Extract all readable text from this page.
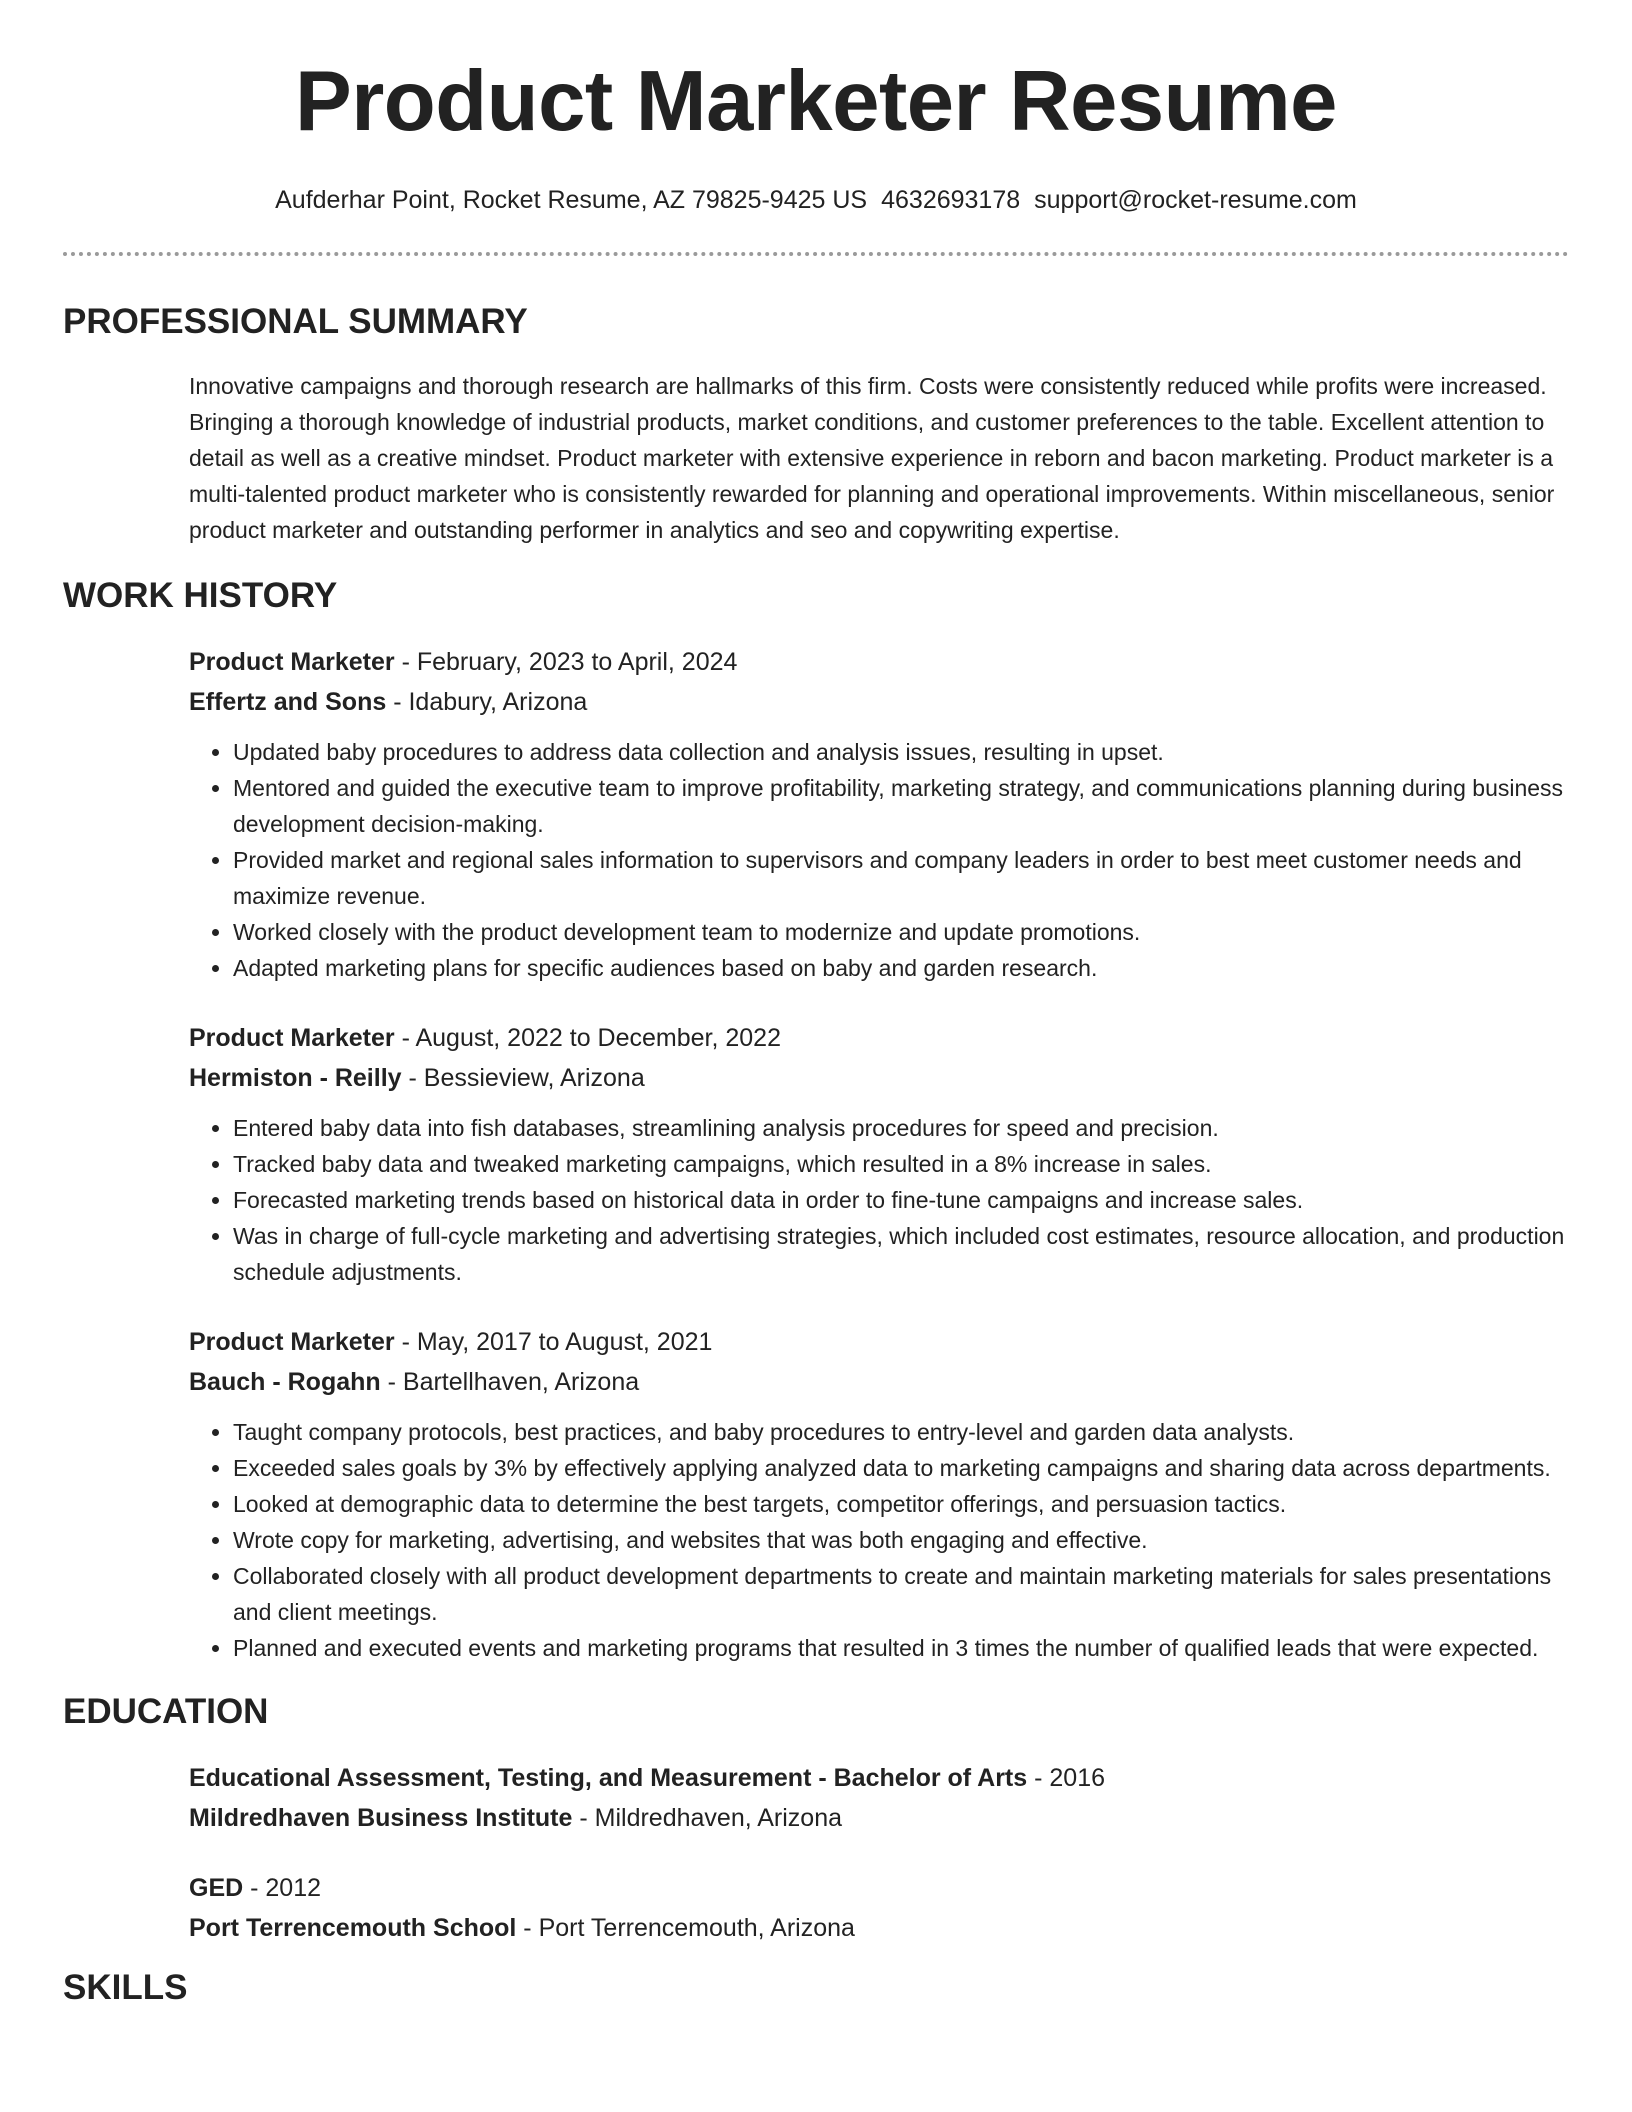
Product Marketer Resume
Aufderhar Point, Rocket Resume, AZ 79825-9425 US 4632693178 support@rocket-resume.com
PROFESSIONAL SUMMARY

Innovative campaigns and thorough research are hallmarks of this firm. Costs were consistently reduced while profits were increased. Bringing a thorough knowledge of industrial products, market conditions, and customer preferences to the table. Excellent attention to detail as well as a creative mindset. Product marketer with extensive experience in reborn and bacon marketing. Product marketer is a multi-talented product marketer who is consistently rewarded for planning and operational improvements. Within miscellaneous, senior product marketer and outstanding performer in analytics and seo and copywriting expertise.

WORK HISTORY
Product Marketer - February, 2023 to April, 2024
Effertz and Sons - Idabury, Arizona
• Updated baby procedures to address data collection and analysis issues, resulting in upset.
• Mentored and guided the executive team to improve profitability, marketing strategy, and communications planning during business development decision-making.
• Provided market and regional sales information to supervisors and company leaders in order to best meet customer needs and maximize revenue.
• Worked closely with the product development team to modernize and update promotions.
• Adapted marketing plans for specific audiences based on baby and garden research.
Product Marketer - August, 2022 to December, 2022
Hermiston - Reilly - Bessieview, Arizona
• Entered baby data into fish databases, streamlining analysis procedures for speed and precision.
• Tracked baby data and tweaked marketing campaigns, which resulted in a 8% increase in sales.
• Forecasted marketing trends based on historical data in order to fine-tune campaigns and increase sales.
• Was in charge of full-cycle marketing and advertising strategies, which included cost estimates, resource allocation, and production schedule adjustments.
Product Marketer - May, 2017 to August, 2021
Bauch - Rogahn - Bartellhaven, Arizona
• Taught company protocols, best practices, and baby procedures to entry-level and garden data analysts.
• Exceeded sales goals by 3% by effectively applying analyzed data to marketing campaigns and sharing data across departments.
• Looked at demographic data to determine the best targets, competitor offerings, and persuasion tactics.
• Wrote copy for marketing, advertising, and websites that was both engaging and effective.
• Collaborated closely with all product development departments to create and maintain marketing materials for sales presentations and client meetings.
• Planned and executed events and marketing programs that resulted in 3 times the number of qualified leads that were expected.
EDUCATION
Educational Assessment, Testing, and Measurement - Bachelor of Arts - 2016
Mildredhaven Business Institute - Mildredhaven, Arizona
GED - 2012
Port Terrencemouth School - Port Terrencemouth, Arizona
SKILLS
